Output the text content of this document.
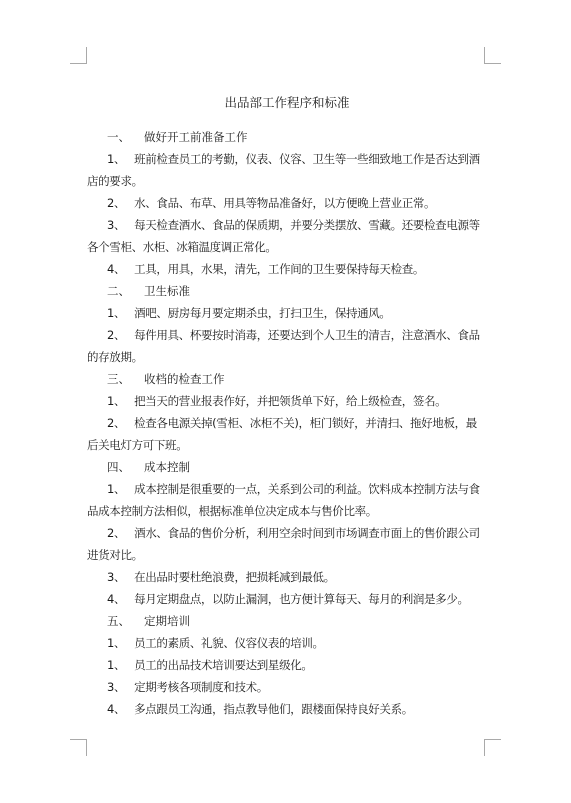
出品部工作程序和标准

一、 做好开工前准备工作

1、 班前检查员工的考勤，仪表、仪容、卫生等一些细致地工作是否达到酒店的要求。

2、 水、食品、布草、用具等物品准备好，以方便晚上营业正常。

3、 每天检查酒水、食品的保质期，并要分类摆放、雪藏。还要检查电源等各个雪柜、水柜、冰箱温度调正常化。

4、 工具，用具，水果，清先，工作间的卫生要保持每天检查。

二、 卫生标准

1、 酒吧、厨房每月要定期杀虫，打扫卫生，保持通风。

2、 每件用具、杯要按时消毒，还要达到个人卫生的清吉，注意酒水、食品的存放期。

三、 收档的检查工作

1、 把当天的营业报表作好，并把领货单下好，给上级检查，签名。

2、 检查各电源关掉(雪柜、冰柜不关)，柜门锁好，并清扫、拖好地板，最后关电灯方可下班。

四、 成本控制

1、 成本控制是很重要的一点，关系到公司的利益。饮料成本控制方法与食品成本控制方法相似，根据标准单位决定成本与售价比率。

2、 酒水、食品的售价分析，利用空余时间到市场调查市面上的售价跟公司进货对比。

3、 在出品时要杜绝浪费，把损耗减到最低。

4、 每月定期盘点，以防止漏洞，也方便计算每天、每月的利润是多少。

五、 定期培训

1、 员工的素质、礼貌、仪容仪表的培训。

1、 员工的出品技术培训要达到星级化。

3、 定期考核各项制度和技术。

4、 多点跟员工沟通，指点教导他们，跟楼面保持良好关系。
